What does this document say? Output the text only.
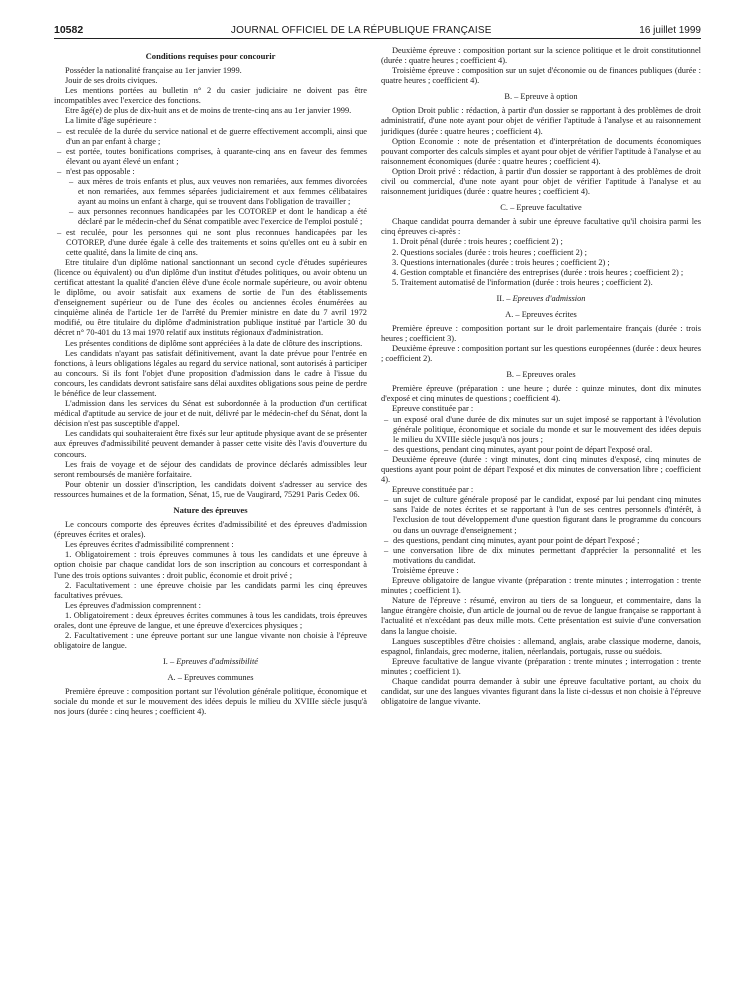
10582	JOURNAL OFFICIEL DE LA RÉPUBLIQUE FRANÇAISE	16 juillet 1999
Conditions requises pour concourir

Posséder la nationalité française au 1er janvier 1999.

Jouir de ses droits civiques.

Les mentions portées au bulletin n° 2 du casier judiciaire ne doivent pas être incompatibles avec l'exercice des fonctions.

Etre âgé(e) de plus de dix-huit ans et de moins de trente-cinq ans au 1er janvier 1999.

La limite d'âge supérieure :

– est reculée de la durée du service national et de guerre effectivement accompli, ainsi que d'un an par enfant à charge ;
– est portée, toutes bonifications comprises, à quarante-cinq ans en faveur des femmes élevant ou ayant élevé un enfant ;
– n'est pas opposable :
– aux mères de trois enfants et plus, aux veuves non remariées, aux femmes divorcées et non remariées, aux femmes séparées judiciairement et aux femmes célibataires ayant au moins un enfant à charge, qui se trouvent dans l'obligation de travailler ;
– aux personnes reconnues handicapées par les COTOREP et dont le handicap a été déclaré par le médecin-chef du Sénat compatible avec l'exercice de l'emploi postulé ;
– est reculée, pour les personnes qui ne sont plus reconnues handicapées par les COTOREP, d'une durée égale à celle des traitements et soins qu'elles ont eu à subir en cette qualité, dans la limite de cinq ans.

Etre titulaire d'un diplôme national sanctionnant un second cycle d'études supérieures (licence ou équivalent) ou d'un diplôme d'un institut d'études politiques, ou avoir obtenu un certificat attestant la qualité d'ancien élève d'une école normale supérieure, ou avoir obtenu le diplôme, ou avoir satisfait aux examens de sortie de l'un des établissements d'enseignement supérieur ou de l'une des écoles ou anciennes écoles énumérées au cinquième alinéa de l'article 1er de l'arrêté du Premier ministre en date du 7 avril 1972 modifié, ou être titulaire du diplôme d'administration publique institué par l'article 30 du décret n° 70-401 du 13 mai 1970 relatif aux instituts régionaux d'administration.

Les présentes conditions de diplôme sont appréciées à la date de clôture des inscriptions.

Les candidats n'ayant pas satisfait définitivement, avant la date prévue pour l'entrée en fonctions, à leurs obligations légales au regard du service national, sont autorisés à participer au concours. Si ils font l'objet d'une proposition d'admission dans le cadre à l'issue du concours, les candidats devront satisfaire sans délai auxdites obligations sous peine de perdre le bénéfice de leur classement.

L'admission dans les services du Sénat est subordonnée à la production d'un certificat médical d'aptitude au service de jour et de nuit, délivré par le médecin-chef du Sénat, dont la décision n'est pas susceptible d'appel.

Les candidats qui souhaiteraient être fixés sur leur aptitude physique avant de se présenter aux épreuves d'admissibilité peuvent demander à passer cette visite dès l'avis d'ouverture du concours.

Les frais de voyage et de séjour des candidats de province déclarés admissibles leur seront remboursés de manière forfaitaire.

Pour obtenir un dossier d'inscription, les candidats doivent s'adresser au service des ressources humaines et de la formation, Sénat, 15, rue de Vaugirard, 75291 Paris Cedex 06.

Nature des épreuves

Le concours comporte des épreuves écrites d'admissibilité et des épreuves d'admission (épreuves écrites et orales).

Les épreuves écrites d'admissibilité comprennent :

1. Obligatoirement : trois épreuves communes à tous les candidats et une épreuve à option choisie par chaque candidat lors de son inscription au concours et correspondant à l'une des trois options suivantes : droit public, économie et droit privé ;

2. Facultativement : une épreuve choisie par les candidats parmi les cinq épreuves facultatives prévues.

Les épreuves d'admission comprennent :

1. Obligatoirement : deux épreuves écrites communes à tous les candidats, trois épreuves orales, dont une épreuve de langue, et une épreuve d'exercices physiques ;

2. Facultativement : une épreuve portant sur une langue vivante non choisie à l'épreuve obligatoire de langue.

I. – Epreuves d'admissibilité
A. – Epreuves communes

Première épreuve : composition portant sur l'évolution générale politique, économique et sociale du monde et sur le mouvement des idées depuis le milieu du XVIIIe siècle jusqu'à nos jours (durée : cinq heures ; coefficient 4).

Deuxième épreuve : composition portant sur la science politique et le droit constitutionnel (durée : quatre heures ; coefficient 4).

Troisième épreuve : composition sur un sujet d'économie ou de finances publiques (durée : quatre heures ; coefficient 4).

B. – Epreuve à option

Option Droit public : rédaction, à partir d'un dossier se rapportant à des problèmes de droit administratif, d'une note ayant pour objet de vérifier l'aptitude à l'analyse et au raisonnement juridiques (durée : quatre heures ; coefficient 4).

Option Economie : note de présentation et d'interprétation de documents économiques pouvant comporter des calculs simples et ayant pour objet de vérifier l'aptitude à l'analyse et au raisonnement économiques (durée : quatre heures ; coefficient 4).

Option Droit privé : rédaction, à partir d'un dossier se rapportant à des problèmes de droit civil ou commercial, d'une note ayant pour objet de vérifier l'aptitude à l'analyse et au raisonnement juridiques (durée : quatre heures ; coefficient 4).

C. – Epreuve facultative

Chaque candidat pourra demander à subir une épreuve facultative qu'il choisira parmi les cinq épreuves ci-après :

1. Droit pénal (durée : trois heures ; coefficient 2) ;

2. Questions sociales (durée : trois heures ; coefficient 2) ;

3. Questions internationales (durée : trois heures ; coefficient 2) ;

4. Gestion comptable et financière des entreprises (durée : trois heures ; coefficient 2) ;

5. Traitement automatisé de l'information (durée : trois heures ; coefficient 2).

II. – Epreuves d'admission
A. – Epreuves écrites

Première épreuve : composition portant sur le droit parlementaire français (durée : trois heures ; coefficient 3).

Deuxième épreuve : composition portant sur les questions européennes (durée : deux heures ; coefficient 2).

B. – Epreuves orales

Première épreuve (préparation : une heure ; durée : quinze minutes, dont dix minutes d'exposé et cinq minutes de questions ; coefficient 4).

Epreuve constituée par :

– un exposé oral d'une durée de dix minutes sur un sujet imposé se rapportant à l'évolution générale politique, économique et sociale du monde et sur le mouvement des idées depuis le milieu du XVIIIe siècle jusqu'à nos jours ;
– des questions, pendant cinq minutes, ayant pour point de départ l'exposé oral.

Deuxième épreuve (durée : vingt minutes, dont cinq minutes d'exposé, cinq minutes de questions ayant pour point de départ l'exposé et dix minutes de conversation libre ; coefficient 4).

Epreuve constituée par :

– un sujet de culture générale proposé par le candidat, exposé par lui pendant cinq minutes sans l'aide de notes écrites et se rapportant à l'un de ses centres personnels d'intérêt, à l'exclusion de tout développement d'une question figurant dans le programme du concours ou dans un ouvrage d'enseignement ;
– des questions, pendant cinq minutes, ayant pour point de départ l'exposé ;
– une conversation libre de dix minutes permettant d'apprécier la personnalité et les motivations du candidat.

Troisième épreuve :

Epreuve obligatoire de langue vivante (préparation : trente minutes ; interrogation : trente minutes ; coefficient 1).

Nature de l'épreuve : résumé, environ au tiers de sa longueur, et commentaire, dans la langue étrangère choisie, d'un article de journal ou de revue de langue française se rapportant à l'actualité et n'excédant pas deux mille mots. Cette présentation est suivie d'une conversation dans la langue choisie.

Langues susceptibles d'être choisies : allemand, anglais, arabe classique moderne, danois, espagnol, finlandais, grec moderne, italien, néerlandais, portugais, russe ou suédois.

Epreuve facultative de langue vivante (préparation : trente minutes ; interrogation : trente minutes ; coefficient 1).

Chaque candidat pourra demander à subir une épreuve facultative portant, au choix du candidat, sur une des langues vivantes figurant dans la liste ci-dessus et non choisie à l'épreuve obligatoire de langue vivante.
